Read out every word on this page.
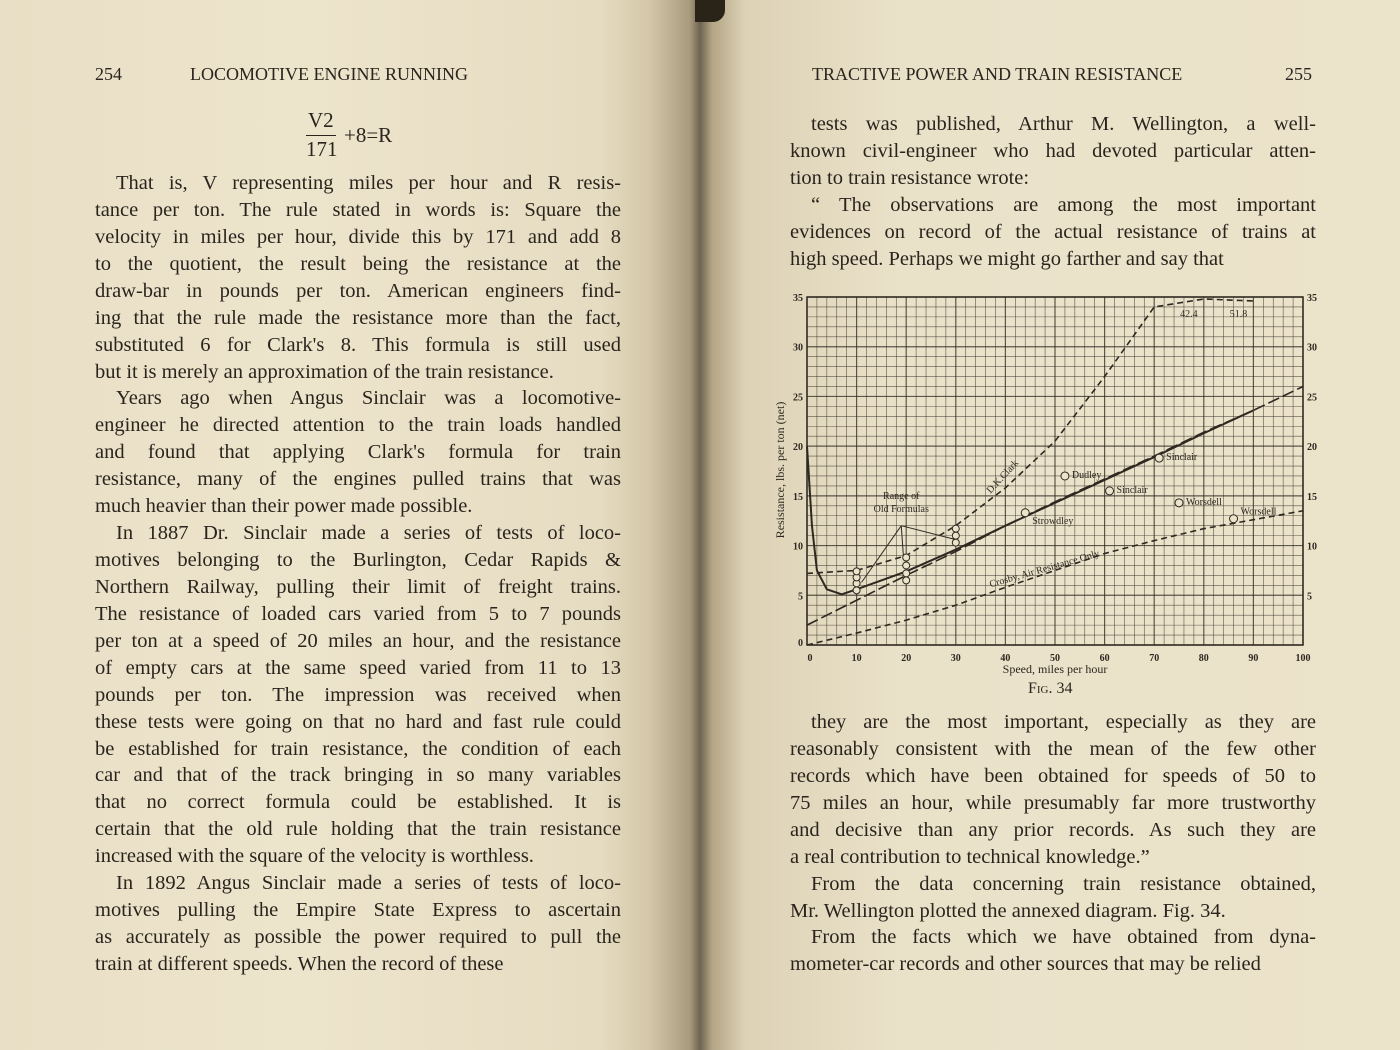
254	LOCOMOTIVE ENGINE RUNNING	TRACTIVE POWER AND TRAIN RESISTANCE	255
V2
171
+8=R
That is, V representing miles per hour and R resis-
tance per ton. The rule stated in words is: Square the
velocity in miles per hour, divide this by 171 and add 8
to the quotient, the result being the resistance at the
draw-bar in pounds per ton. American engineers find-
ing that the rule made the resistance more than the fact,
substituted 6 for Clark's 8. This formula is still used
but it is merely an approximation of the train resistance.
Years ago when Angus Sinclair was a locomotive-
engineer he directed attention to the train loads handled
and found that applying Clark's formula for train
resistance, many of the engines pulled trains that was
much heavier than their power made possible.
In 1887 Dr. Sinclair made a series of tests of loco-
motives belonging to the Burlington, Cedar Rapids &
Northern Railway, pulling their limit of freight trains.
The resistance of loaded cars varied from 5 to 7 pounds
per ton at a speed of 20 miles an hour, and the resistance
of empty cars at the same speed varied from 11 to 13
pounds per ton. The impression was received when
these tests were going on that no hard and fast rule could
be established for train resistance, the condition of each
car and that of the track bringing in so many variables
that no correct formula could be established. It is
certain that the old rule holding that the train resistance
increased with the square of the velocity is worthless.
In 1892 Angus Sinclair made a series of tests of loco-
motives pulling the Empire State Express to ascertain
as accurately as possible the power required to pull the
train at different speeds. When the record of these
tests was published, Arthur M. Wellington, a well-
known civil-engineer who had devoted particular atten-
tion to train resistance wrote:
“ The observations are among the most important
evidences on record of the actual resistance of trains at
high speed. Perhaps we might go farther and say that
they are the most important, especially as they are
reasonably consistent with the mean of the few other
records which have been obtained for speeds of 50 to
75 miles an hour, while presumably far more trustworthy
and decisive than any prior records. As such they are
a real contribution to technical knowledge.”
From the data concerning train resistance obtained,
Mr. Wellington plotted the annexed diagram. Fig. 34.
From the facts which we have obtained from dyna-
mometer-car records and other sources that may be relied
0	10	20	30	40	50	60	70	80	90	100
0
5
10
15
20
25
30
35
5
10
15
20
25
30
35
Speed, miles per hour
Resistance, lbs. per ton (net)	Dudley
Sinclair
Sinclair
Strowdley
Worsdell
Worsdell
Range of
Old Formulas
42.4	51.8
D.K.Clark
Crosby, Air Resistance Only
Fig. 34
